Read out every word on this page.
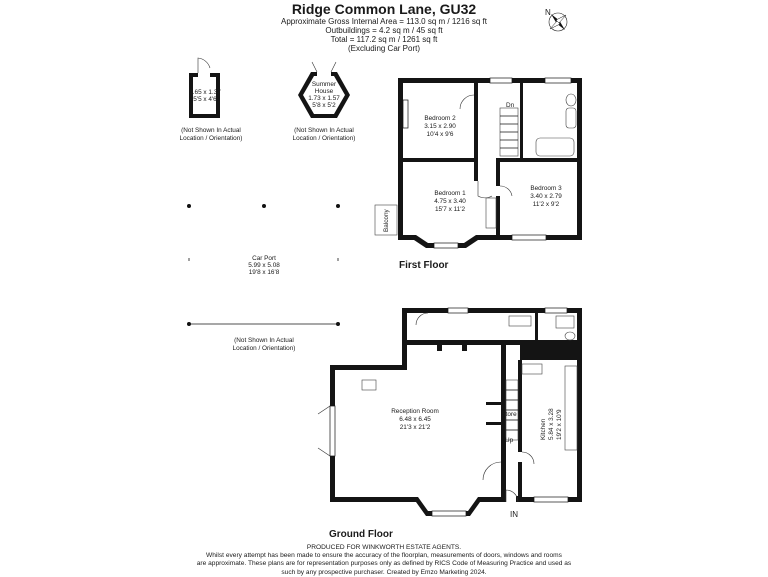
Ridge Common Lane, GU32
Approximate Gross Internal Area = 113.0 sq m / 1216 sq ft
Outbuildings = 4.2 sq m / 45 sq ft
Total = 117.2 sq m / 1261 sq ft
(Excluding Car Port)
N
1.65 x 1.37
5'5 x 4'6
(Not Shown In Actual
Location / Orientation)
Summer
House
1.73 x 1.57
5'8 x 5'2
(Not Shown In Actual
Location / Orientation)
Car Port
5.99 x 5.08
19'8 x 16'8
(Not Shown In Actual
Location / Orientation)
Dn
Balcony
Bedroom 2
3.15 x 2.90
10'4 x 9'6
Bedroom 1
4.75 x 3.40
15'7 x 11'2
Bedroom 3
3.40 x 2.79
11'2 x 9'2
First Floor
Up
Reception Room
6.48 x 6.45
21'3 x 21'2
Store
Kitchen 5.84 x 3.28 19'2 x 10'9
IN
Ground Floor
PRODUCED FOR WINKWORTH ESTATE AGENTS.
Whilst every attempt has been made to ensure the accuracy of the floorplan, measurements of doors, windows and rooms
are approximate. These plans are for representation purposes only as defined by RICS Code of Measuring Practice and used as
such by any prospective purchaser. Created by Emzo Marketing 2024.
